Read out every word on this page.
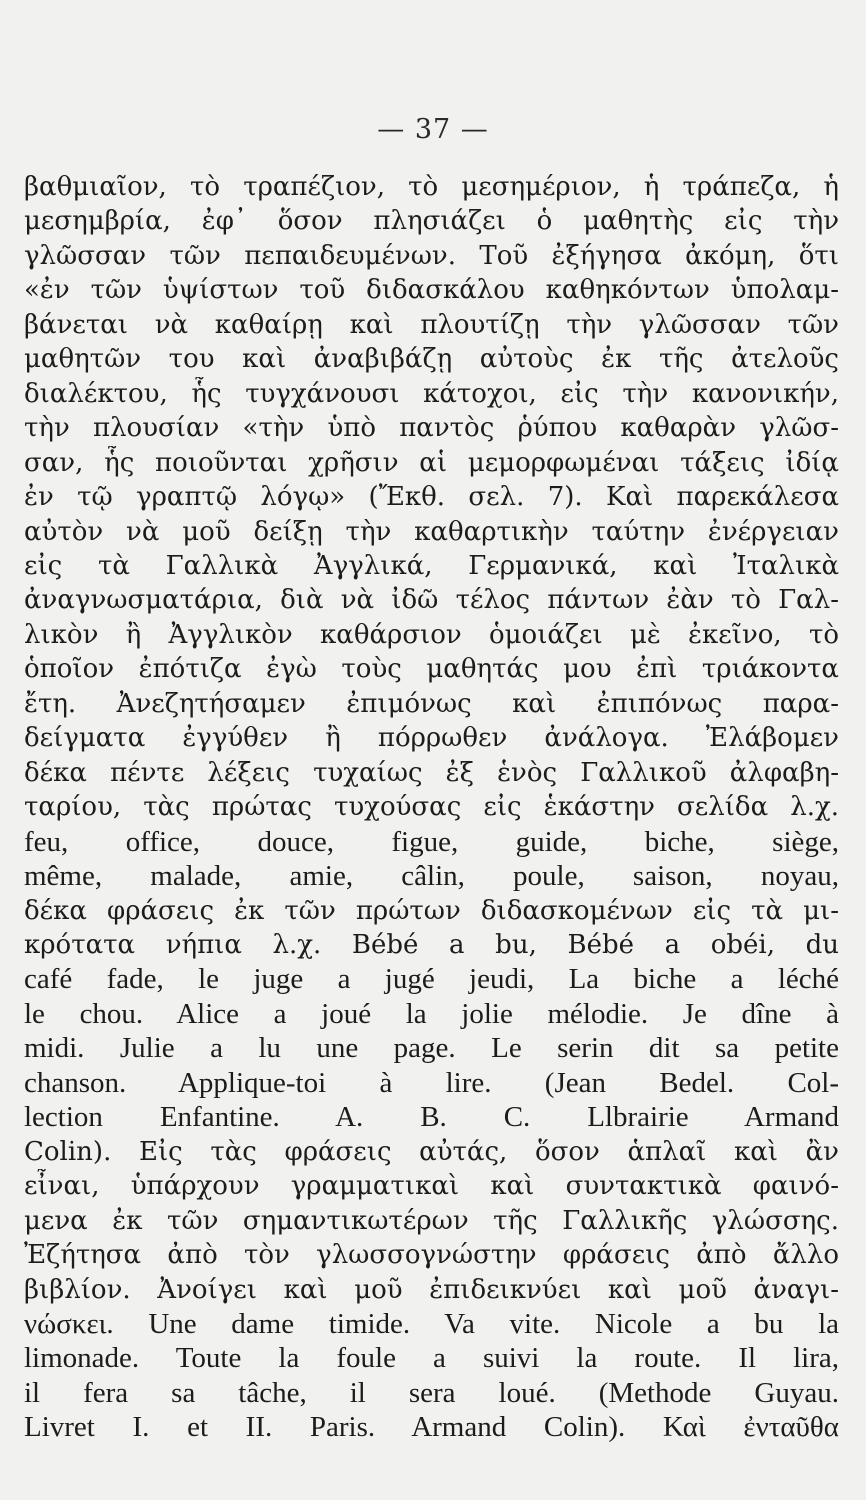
— 37 —
βαθμιαῖον, τὸ τραπέζιον, τὸ μεσημέριον, ἡ τράπεζα, ἡ
μεσημβρία, ἐφ᾽ ὅσον πλησιάζει ὁ μαθητὴς εἰς τὴν
γλῶσσαν τῶν πεπαιδευμένων. Τοῦ ἐξήγησα ἀκόμη, ὅτι
«ἐν τῶν ὑψίστων τοῦ διδασκάλου καθηκόντων ὑπολαμ-
βάνεται νὰ καθαίρῃ καὶ πλουτίζῃ τὴν γλῶσσαν τῶν
μαθητῶν του καὶ ἀναβιβάζῃ αὐτοὺς ἐκ τῆς ἀτελοῦς
διαλέκτου, ἧς τυγχάνουσι κάτοχοι, εἰς τὴν κανονικήν,
τὴν πλουσίαν «τὴν ὑπὸ παντὸς ῥύπου καθαρὰν γλῶσ-
σαν, ἧς ποιοῦνται χρῆσιν αἱ μεμορφωμέναι τάξεις ἰδίᾳ
ἐν τῷ γραπτῷ λόγῳ» (Ἔκθ. σελ. 7). Καὶ παρεκάλεσα
αὐτὸν νὰ μοῦ δείξῃ τὴν καθαρτικὴν ταύτην ἐνέργειαν
εἰς τὰ Γαλλικὰ Ἀγγλικά, Γερμανικά, καὶ Ἰταλικὰ
ἀναγνωσματάρια, διὰ νὰ ἰδῶ τέλος πάντων ἐὰν τὸ Γαλ-
λικὸν ἢ Ἀγγλικὸν καθάρσιον ὁμοιάζει μὲ ἐκεῖνο, τὸ
ὁποῖον ἐπότιζα ἐγὼ τοὺς μαθητάς μου ἐπὶ τριάκοντα
ἔτη. Ἀνεζητήσαμεν ἐπιμόνως καὶ ἐπιπόνως παρα-
δείγματα ἐγγύθεν ἢ πόρρωθεν ἀνάλογα. Ἐλάβομεν
δέκα πέντε λέξεις τυχαίως ἐξ ἑνὸς Γαλλικοῦ ἀλφαβη-
ταρίου, τὰς πρώτας τυχούσας εἰς ἑκάστην σελίδα λ.χ.
feu, office, douce, figue, guide, biche, siège,
même, malade, amie, câlin, poule, saison, noyau,
δέκα φράσεις ἐκ τῶν πρώτων διδασκομένων εἰς τὰ μι-
κρότατα νήπια λ.χ. Bébé a bu, Bébé a obéi, du
café fade, le juge a jugé jeudi, La biche a léché
le chou. Alice a joué la jolie mélodie. Je dîne à
midi. Julie a lu une page. Le serin dit sa petite
chanson. Applique-toi à lire. (Jean Bedel. Col-
lection Enfantine. A. B. C. Llbrairie Armand
Colin). Εἰς τὰς φράσεις αὐτάς, ὅσον ἁπλαῖ καὶ ἂν
εἶναι, ὑπάρχουν γραμματικαὶ καὶ συντακτικὰ φαινό-
μενα ἐκ τῶν σημαντικωτέρων τῆς Γαλλικῆς γλώσσης.
Ἐζήτησα ἀπὸ τὸν γλωσσογνώστην φράσεις ἀπὸ ἄλλο
βιβλίον. Ἀνοίγει καὶ μοῦ ἐπιδεικνύει καὶ μοῦ ἀναγι-
νώσκει. Une dame timide. Va vite. Nicole a bu la
limonade. Toute la foule a suivi la route. Il lira,
il fera sa tâche, il sera loué. (Methode Guyau.
Livret I. et II. Paris. Armand Colin). Καὶ ἐνταῦθα
